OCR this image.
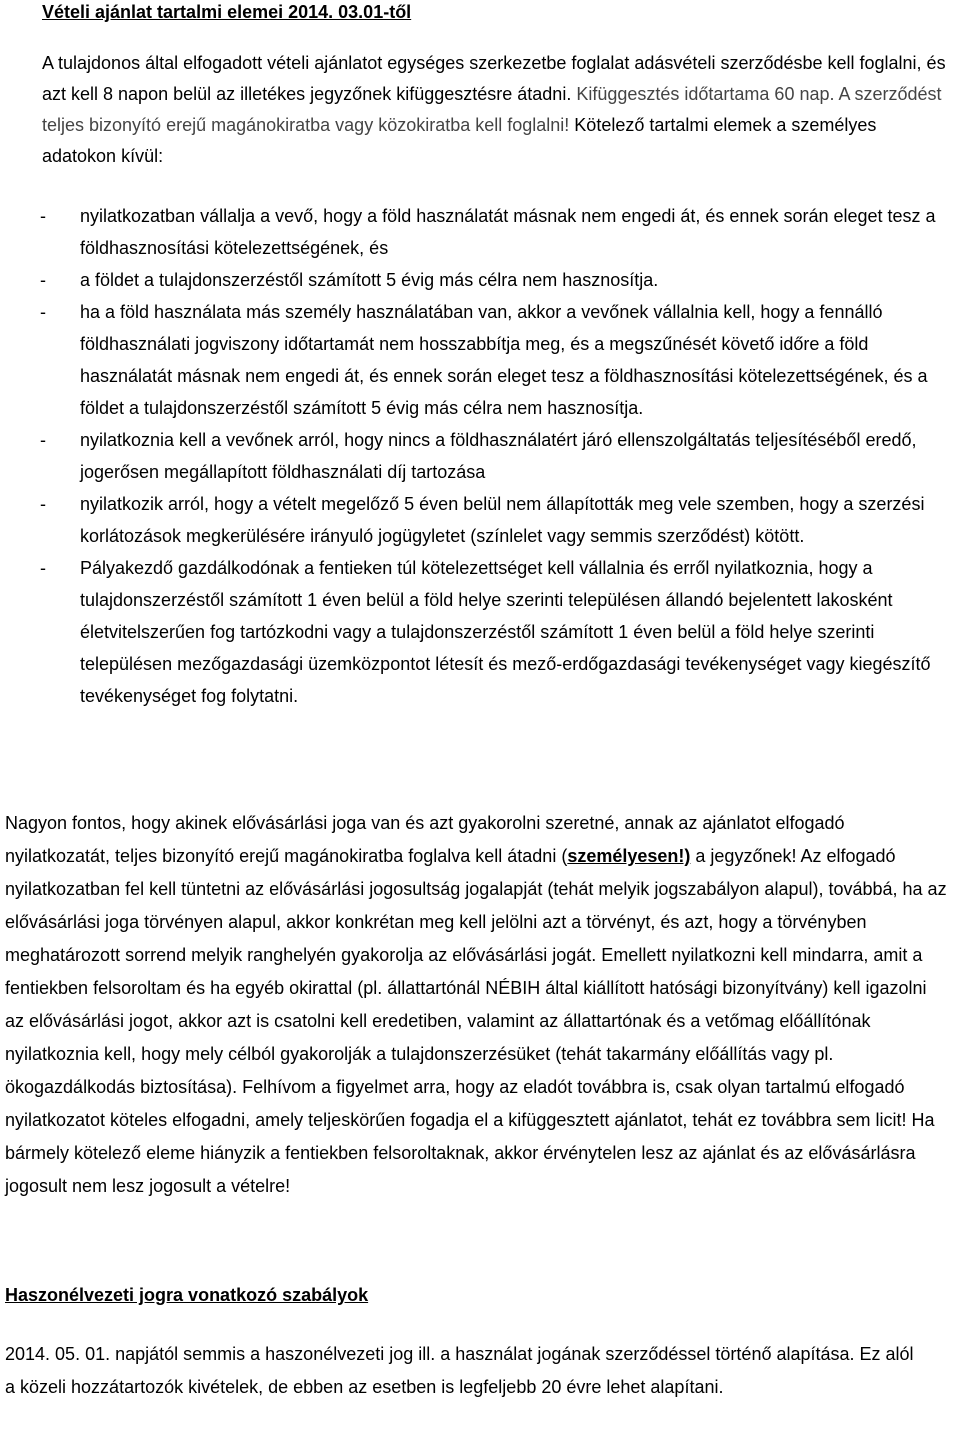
Vételi ajánlat tartalmi elemei 2014. 03.01-től
A tulajdonos által elfogadott vételi ajánlatot egységes szerkezetbe foglalat adásvételi szerződésbe kell foglalni, és azt kell 8 napon belül az illetékes jegyzőnek kifüggesztésre átadni. Kifüggesztés időtartama 60 nap. A szerződést teljes bizonyító erejű magánokiratba vagy közokiratba kell foglalni! Kötelező tartalmi elemek a személyes adatokon kívül:
- nyilatkozatban vállalja a vevő, hogy a föld használatát másnak nem engedi át, és ennek során eleget tesz a földhasznosítási kötelezettségének, és
- a földet a tulajdonszerzéstől számított 5 évig más célra nem hasznosítja.
- ha a föld használata más személy használatában van, akkor a vevőnek vállalnia kell, hogy a fennálló földhasználati jogviszony időtartamát nem hosszabbítja meg, és a megszűnését követő időre a föld használatát másnak nem engedi át, és ennek során eleget tesz a földhasznosítási kötelezettségének, és a földet a tulajdonszerzéstől számított 5 évig más célra nem hasznosítja.
- nyilatkoznia kell a vevőnek arról, hogy nincs a földhasználatért járó ellenszolgáltatás teljesítéséből eredő, jogerősen megállapított földhasználati díj tartozása
- nyilatkozik arról, hogy a vételt megelőző 5 éven belül nem állapították meg vele szemben, hogy a szerzési korlátozások megkerülésére irányuló jogügyletet (színlelet vagy semmis szerződést) kötött.
- Pályakezdő gazdálkodónak a fentieken túl kötelezettséget kell vállalnia és erről nyilatkoznia, hogy a tulajdonszerzéstől számított 1 éven belül a föld helye szerinti településen állandó bejelentett lakosként életvitelszerűen fog tartózkodni vagy a tulajdonszerzéstől számított 1 éven belül a föld helye szerinti településen mezőgazdasági üzemközpontot létesít és mező-erdőgazdasági tevékenységet vagy kiegészítő tevékenységet fog folytatni.
Nagyon fontos, hogy akinek elővásárlási joga van és azt gyakorolni szeretné, annak az ajánlatot elfogadó nyilatkozatát, teljes bizonyító erejű magánokiratba foglalva kell átadni (személyesen!) a jegyzőnek! Az elfogadó nyilatkozatban fel kell tüntetni az elővásárlási jogosultság jogalapját (tehát melyik jogszabályon alapul), továbbá, ha az elővásárlási joga törvényen alapul, akkor konkrétan meg kell jelölni azt a törvényt, és azt, hogy a törvényben meghatározott sorrend melyik ranghelyén gyakorolja az elővásárlási jogát. Emellett nyilatkozni kell mindarra, amit a fentiekben felsoroltam és ha egyéb okirattal (pl. állattartónál NÉBIH által kiállított hatósági bizonyítvány) kell igazolni az elővásárlási jogot, akkor azt is csatolni kell eredetiben, valamint az állattartónak és a vetőmag előállítónak nyilatkoznia kell, hogy mely célból gyakorolják a tulajdonszerzésüket (tehát takarmány előállítás vagy pl. ökogazdálkodás biztosítása). Felhívom a figyelmet arra, hogy az eladót továbbra is, csak olyan tartalmú elfogadó nyilatkozatot köteles elfogadni, amely teljeskörűen fogadja el a kifüggesztett ajánlatot, tehát ez továbbra sem licit! Ha bármely kötelező eleme hiányzik a fentiekben felsoroltaknak, akkor érvénytelen lesz az ajánlat és az elővásárlásra jogosult nem lesz jogosult a vételre!
Haszonélvezeti jogra vonatkozó szabályok
2014. 05. 01. napjától semmis a haszonélvezeti jog ill. a használat jogának szerződéssel történő alapítása. Ez alól a közeli hozzátartozók kivételek, de ebben az esetben is legfeljebb 20 évre lehet alapítani.
